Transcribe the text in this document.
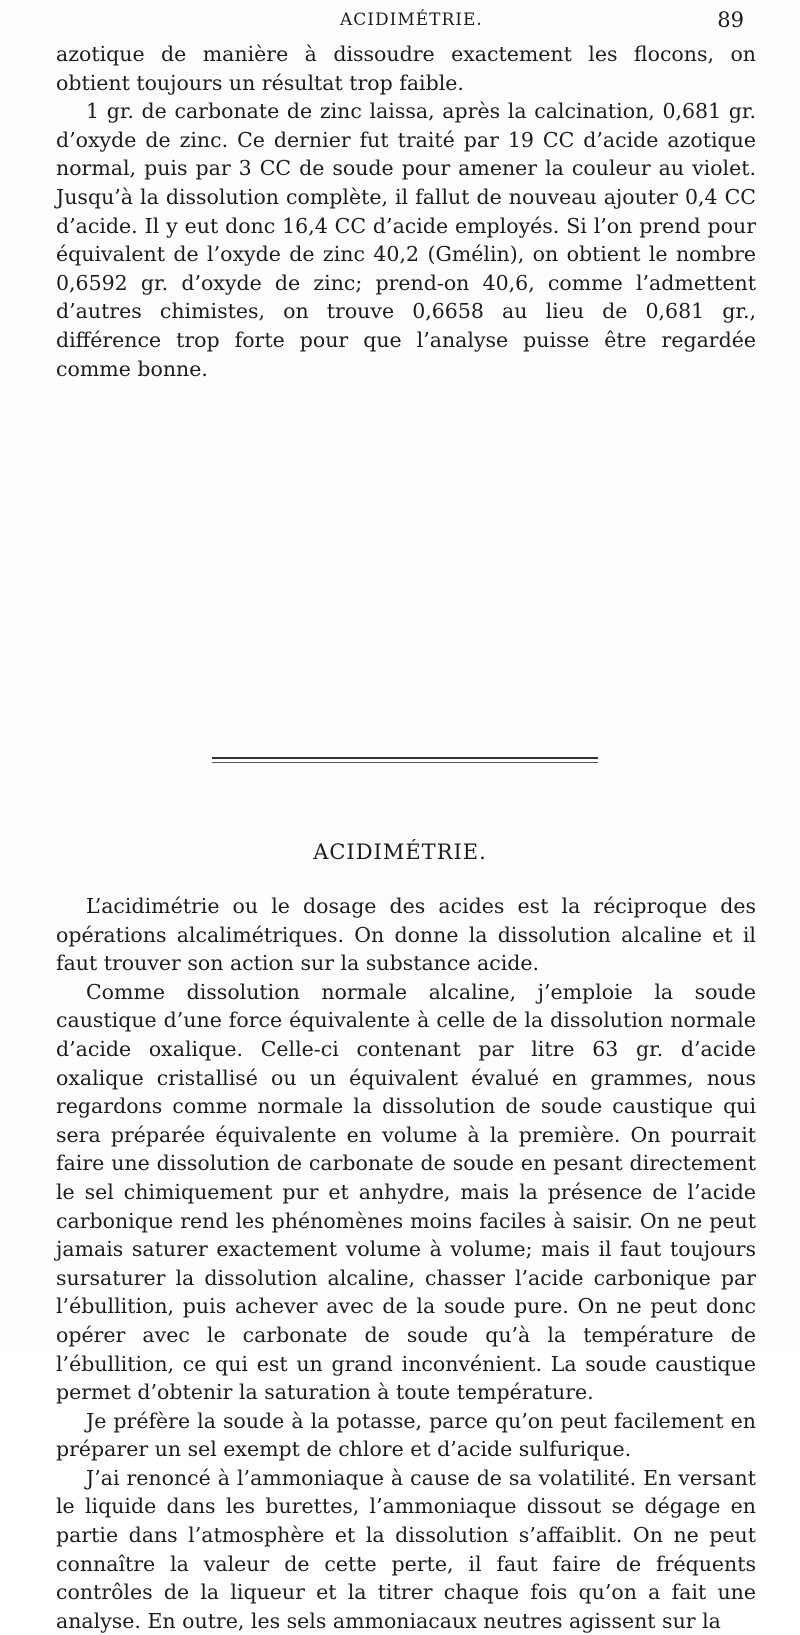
ACIDIMÉTRIE.	89

azotique de manière à dissoudre exactement les flocons, on obtient toujours un résultat trop faible.

1 gr. de carbonate de zinc laissa, après la calcination, 0,681 gr. d’oxyde de zinc. Ce dernier fut traité par 19 CC d’acide azotique normal, puis par 3 CC de soude pour amener la couleur au violet. Jusqu’à la dissolution complète, il fallut de nouveau ajouter 0,4 CC d’acide. Il y eut donc 16,4 CC d’acide employés. Si l’on prend pour équivalent de l’oxyde de zinc 40,2 (Gmélin), on obtient le nombre 0,6592 gr. d’oxyde de zinc; prend-on 40,6, comme l’admettent d’autres chimistes, on trouve 0,6658 au lieu de 0,681 gr., différence trop forte pour que l’analyse puisse être regardée comme bonne.

ACIDIMÉTRIE.

L’acidimétrie ou le dosage des acides est la réciproque des opérations alcalimétriques. On donne la dissolution alcaline et il faut trouver son action sur la substance acide.

Comme dissolution normale alcaline, j’emploie la soude caustique d’une force équivalente à celle de la dissolution normale d’acide oxalique. Celle-ci contenant par litre 63 gr. d’acide oxalique cristallisé ou un équivalent évalué en grammes, nous regardons comme normale la dissolution de soude caustique qui sera préparée équivalente en volume à la première. On pourrait faire une dissolution de carbonate de soude en pesant directement le sel chimiquement pur et anhydre, mais la présence de l’acide carbonique rend les phénomènes moins faciles à saisir. On ne peut jamais saturer exactement volume à volume; mais il faut toujours sursaturer la dissolution alcaline, chasser l’acide carbonique par l’ébullition, puis achever avec de la soude pure. On ne peut donc opérer avec le carbonate de soude qu’à la température de l’ébullition, ce qui est un grand inconvénient. La soude caustique permet d’obtenir la saturation à toute température.

Je préfère la soude à la potasse, parce qu’on peut facilement en préparer un sel exempt de chlore et d’acide sulfurique.

J’ai renoncé à l’ammoniaque à cause de sa volatilité. En versant le liquide dans les burettes, l’ammoniaque dissout se dégage en partie dans l’atmosphère et la dissolution s’affaiblit. On ne peut connaître la valeur de cette perte, il faut faire de fréquents contrôles de la liqueur et la titrer chaque fois qu’on a fait une analyse. En outre, les sels ammoniacaux neutres agissent sur la
